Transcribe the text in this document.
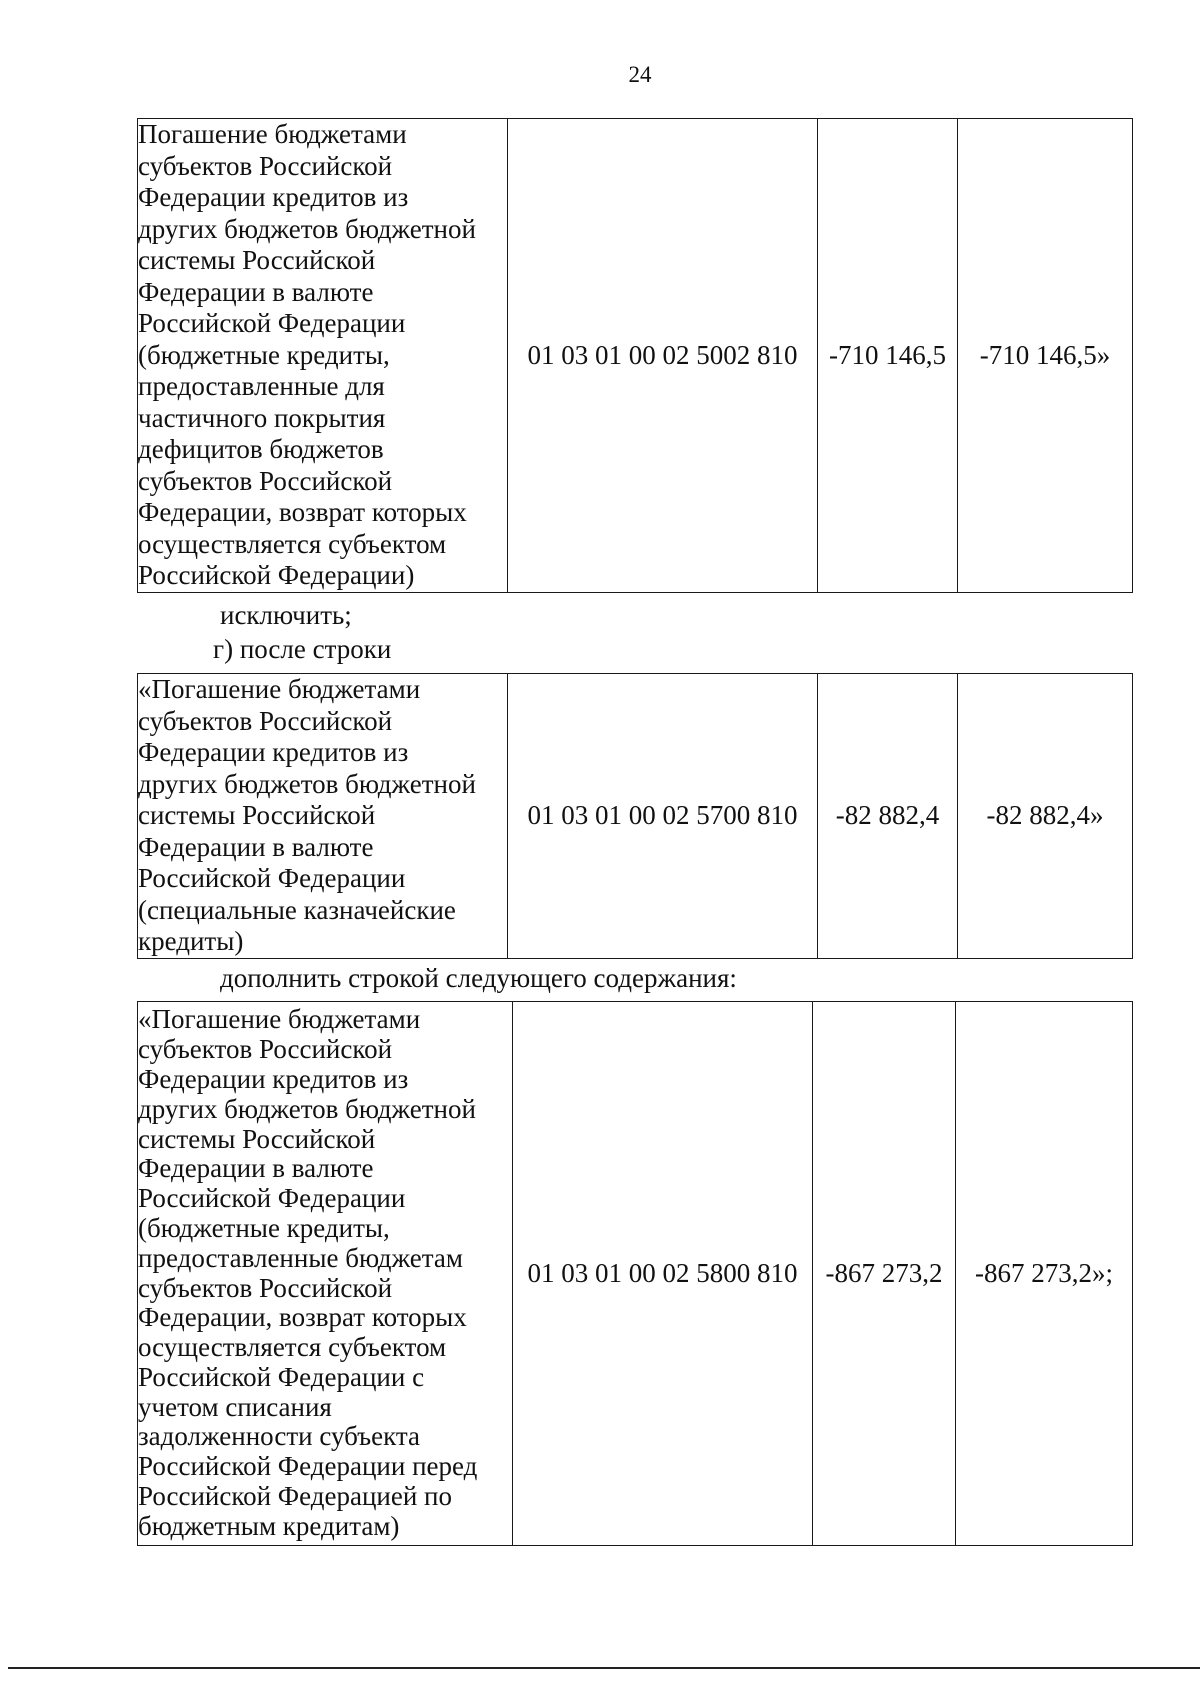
24
Погашение бюджетами
субъектов Российской
Федерации кредитов из
других бюджетов бюджетной
системы Российской
Федерации в валюте
Российской Федерации
(бюджетные кредиты,
предоставленные для
частичного покрытия
дефицитов бюджетов
субъектов Российской
Федерации, возврат которых
осуществляется субъектом
Российской Федерации)
	01 03 01 00 02 5002 810	-710 146,5	-710 146,5»
исключить;
г) после строки
«Погашение бюджетами
субъектов Российской
Федерации кредитов из
других бюджетов бюджетной
системы Российской
Федерации в валюте
Российской Федерации
(специальные казначейские
кредиты)
	01 03 01 00 02 5700 810	-82 882,4	-82 882,4»
дополнить строкой следующего содержания:
«Погашение бюджетами
субъектов Российской
Федерации кредитов из
других бюджетов бюджетной
системы Российской
Федерации в валюте
Российской Федерации
(бюджетные кредиты,
предоставленные бюджетам
субъектов Российской
Федерации, возврат которых
осуществляется субъектом
Российской Федерации с
учетом списания
задолженности субъекта
Российской Федерации перед
Российской Федерацией по
бюджетным кредитам)
	01 03 01 00 02 5800 810	-867 273,2	-867 273,2»;
